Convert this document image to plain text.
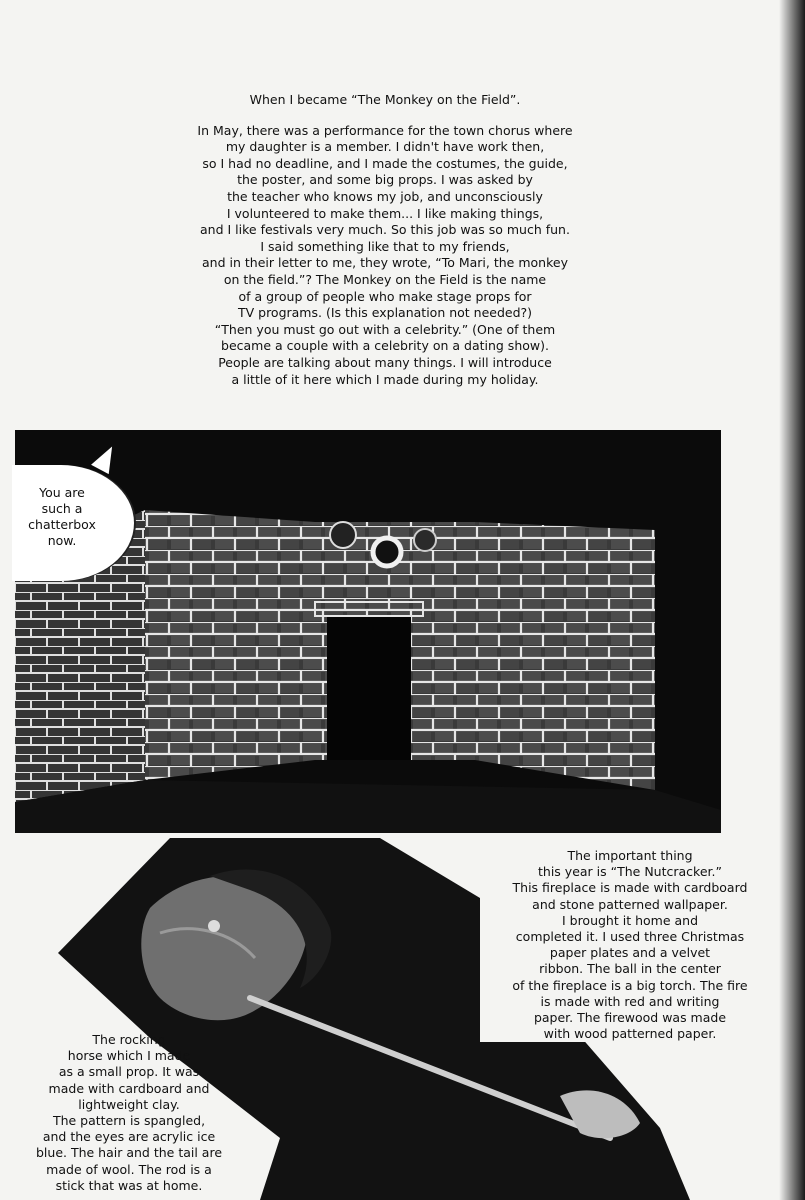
When I became “The Monkey on the Field”.

In May, there was a performance for the town chorus where
my daughter is a member. I didn't have work then,
so I had no deadline, and I made the costumes, the guide,
the poster, and some big props. I was asked by
the teacher who knows my job, and unconsciously
I volunteered to make them... I like making things,
and I like festivals very much. So this job was so much fun.
I said something like that to my friends,
and in their letter to me, they wrote, “To Mari, the monkey
on the field.”? The Monkey on the Field is the name
of a group of people who make stage props for
TV programs. (Is this explanation not needed?)
“Then you must go out with a celebrity.” (One of them
became a couple with a celebrity on a dating show).
People are talking about many things. I will introduce
a little of it here which I made during my holiday.

You are
such a
chatterbox
now.
The important thing
this year is “The Nutcracker.”
This fireplace is made with cardboard
and stone patterned wallpaper.
I brought it home and
completed it. I used three Christmas
paper plates and a velvet
ribbon. The ball in the center
of the fireplace is a big torch. The fire
is made with red and writing
paper. The firewood was made
with wood patterned paper.
The rocking
horse which I made
as a small prop. It was
made with cardboard and
lightweight clay.
The pattern is spangled,
and the eyes are acrylic ice
blue. The hair and the tail are
made of wool. The rod is a
stick that was at home.
